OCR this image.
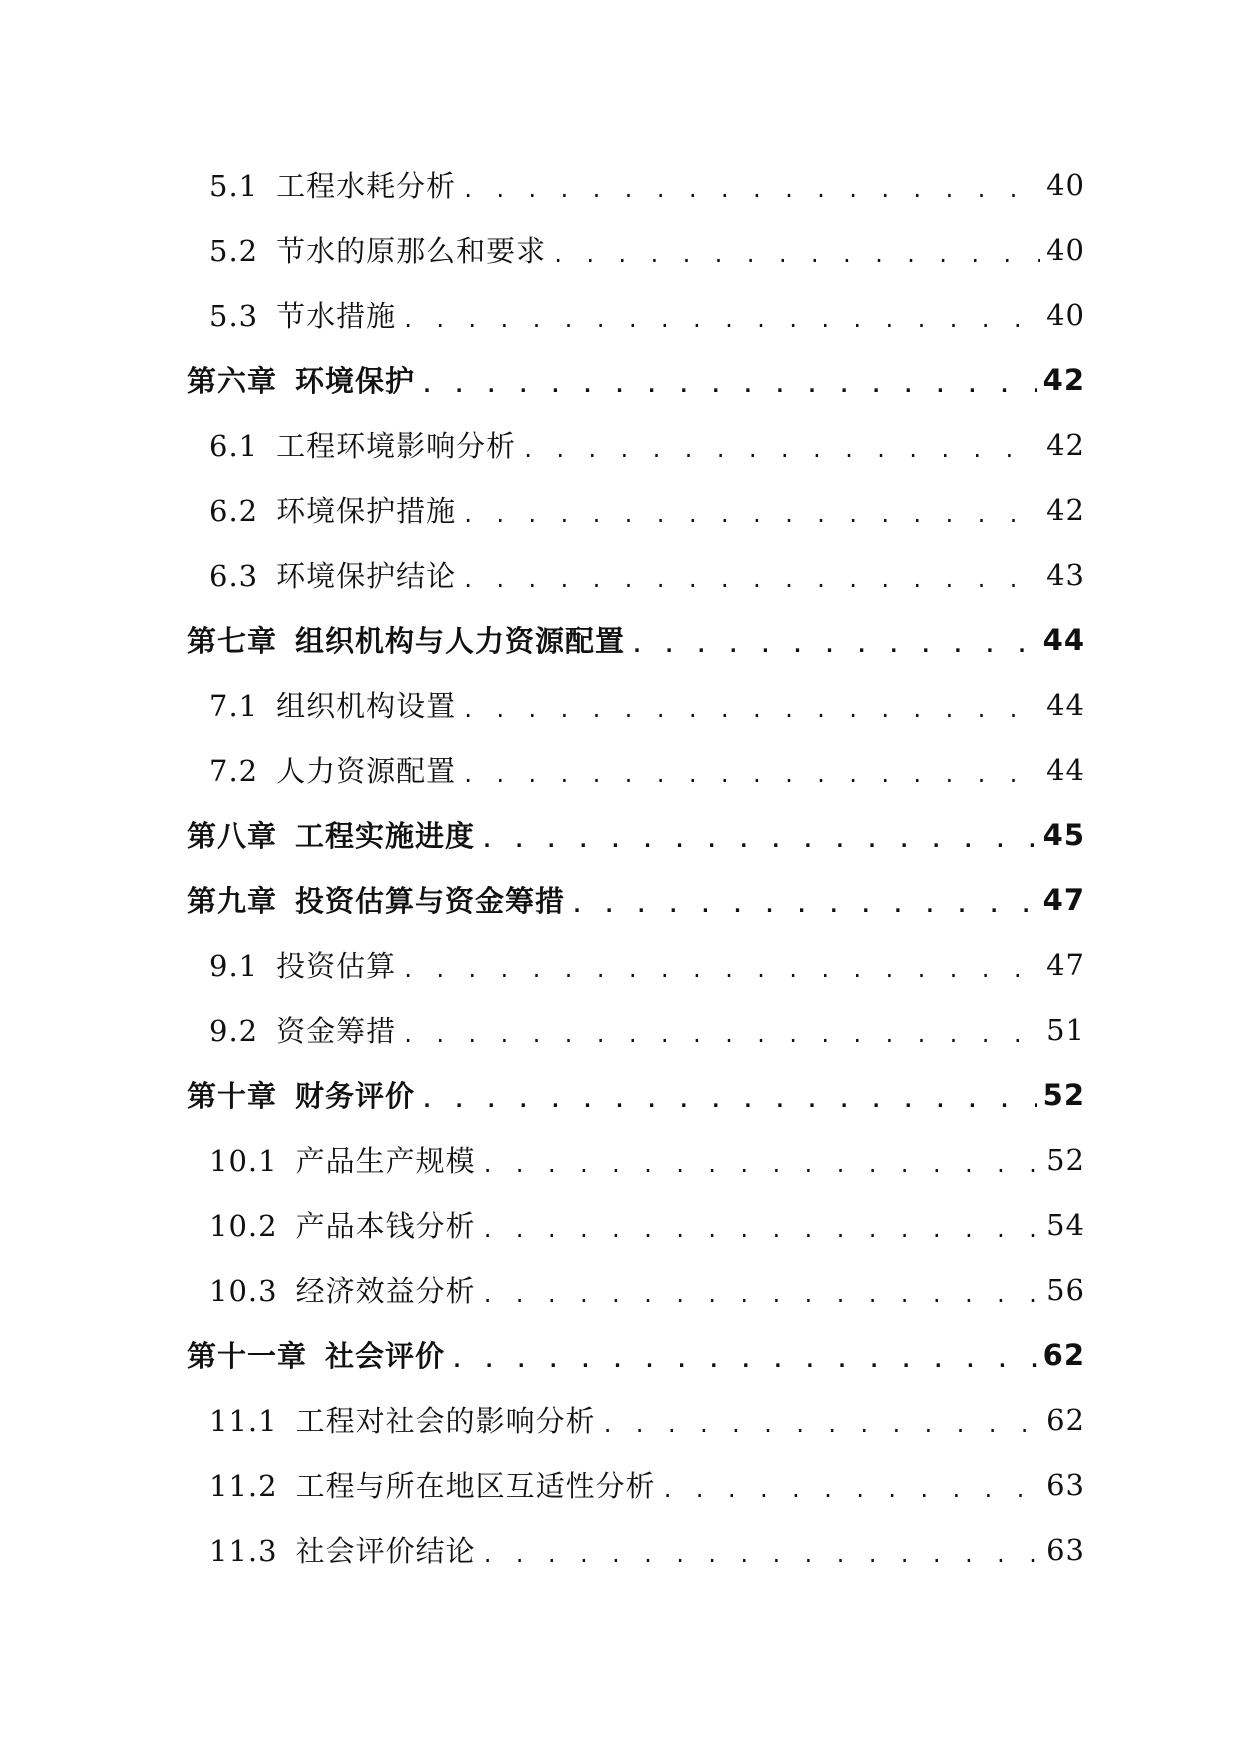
5.1 工程水耗分析 . . .	40
5.2 节水的原那么和要求 . . .	40
5.3 节水措施 . . .	40
第六章 环境保护 . . .	42
6.1 工程环境影响分析 . . .	42
6.2 环境保护措施 . . .	42
6.3 环境保护结论 . . .	43
第七章 组织机构与人力资源配置 . . .	44
7.1 组织机构设置 . . .	44
7.2 人力资源配置 . . .	44
第八章 工程实施进度 . . .	45
第九章 投资估算与资金筹措 . . .	47
9.1 投资估算 . . .	47
9.2 资金筹措 . . .	51
第十章 财务评价 . . .	52
10.1 产品生产规模 . . .	52
10.2 产品本钱分析 . . .	54
10.3 经济效益分析 . . .	56
第十一章 社会评价 . . .	62
11.1 工程对社会的影响分析 . . .	62
11.2 工程与所在地区互适性分析 . . .	63
11.3 社会评价结论 . . .	63
